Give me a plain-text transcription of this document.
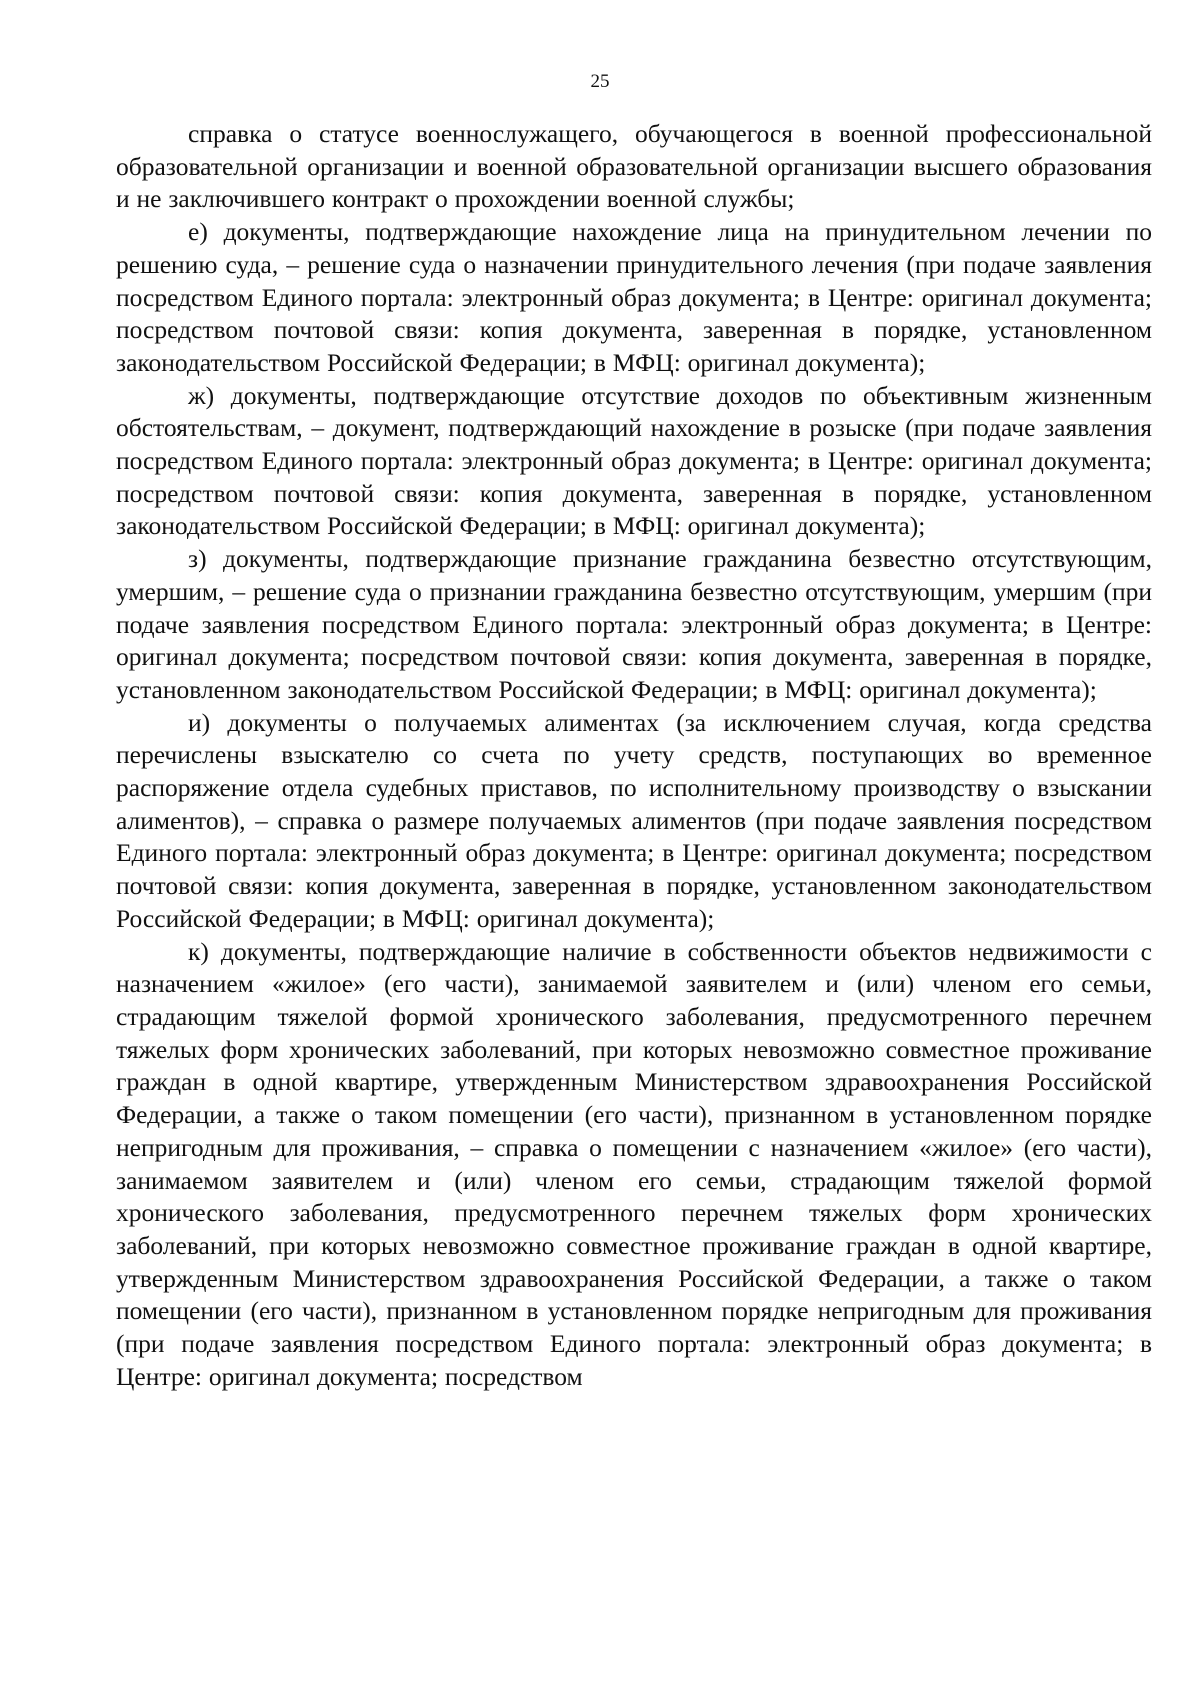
25

справка о статусе военнослужащего, обучающегося в военной профессиональной образовательной организации и военной образовательной организации высшего образования и не заключившего контракт о прохождении военной службы;

е) документы, подтверждающие нахождение лица на принудительном лечении по решению суда, – решение суда о назначении принудительного лечения (при подаче заявления посредством Единого портала: электронный образ документа; в Центре: оригинал документа; посредством почтовой связи: копия документа, заверенная в порядке, установленном законодательством Российской Федерации; в МФЦ: оригинал документа);

ж) документы, подтверждающие отсутствие доходов по объективным жизненным обстоятельствам, – документ, подтверждающий нахождение в розыске (при подаче заявления посредством Единого портала: электронный образ документа; в Центре: оригинал документа; посредством почтовой связи: копия документа, заверенная в порядке, установленном законодательством Российской Федерации; в МФЦ: оригинал документа);

з) документы, подтверждающие признание гражданина безвестно отсутствующим, умершим, – решение суда о признании гражданина безвестно отсутствующим, умершим (при подаче заявления посредством Единого портала: электронный образ документа; в Центре: оригинал документа; посредством почтовой связи: копия документа, заверенная в порядке, установленном законодательством Российской Федерации; в МФЦ: оригинал документа);

и) документы о получаемых алиментах (за исключением случая, когда средства перечислены взыскателю со счета по учету средств, поступающих во временное распоряжение отдела судебных приставов, по исполнительному производству о взыскании алиментов), – справка о размере получаемых алиментов (при подаче заявления посредством Единого портала: электронный образ документа; в Центре: оригинал документа; посредством почтовой связи: копия документа, заверенная в порядке, установленном законодательством Российской Федерации; в МФЦ: оригинал документа);

к) документы, подтверждающие наличие в собственности объектов недвижимости с назначением «жилое» (его части), занимаемой заявителем и (или) членом его семьи, страдающим тяжелой формой хронического заболевания, предусмотренного перечнем тяжелых форм хронических заболеваний, при которых невозможно совместное проживание граждан в одной квартире, утвержденным Министерством здравоохранения Российской Федерации, а также о таком помещении (его части), признанном в установленном порядке непригодным для проживания, – справка о помещении с назначением «жилое» (его части), занимаемом заявителем и (или) членом его семьи, страдающим тяжелой формой хронического заболевания, предусмотренного перечнем тяжелых форм хронических заболеваний, при которых невозможно совместное проживание граждан в одной квартире, утвержденным Министерством здравоохранения Российской Федерации, а также о таком помещении (его части), признанном в установленном порядке непригодным для проживания (при подаче заявления посредством Единого портала: электронный образ документа; в Центре: оригинал документа; посредством
